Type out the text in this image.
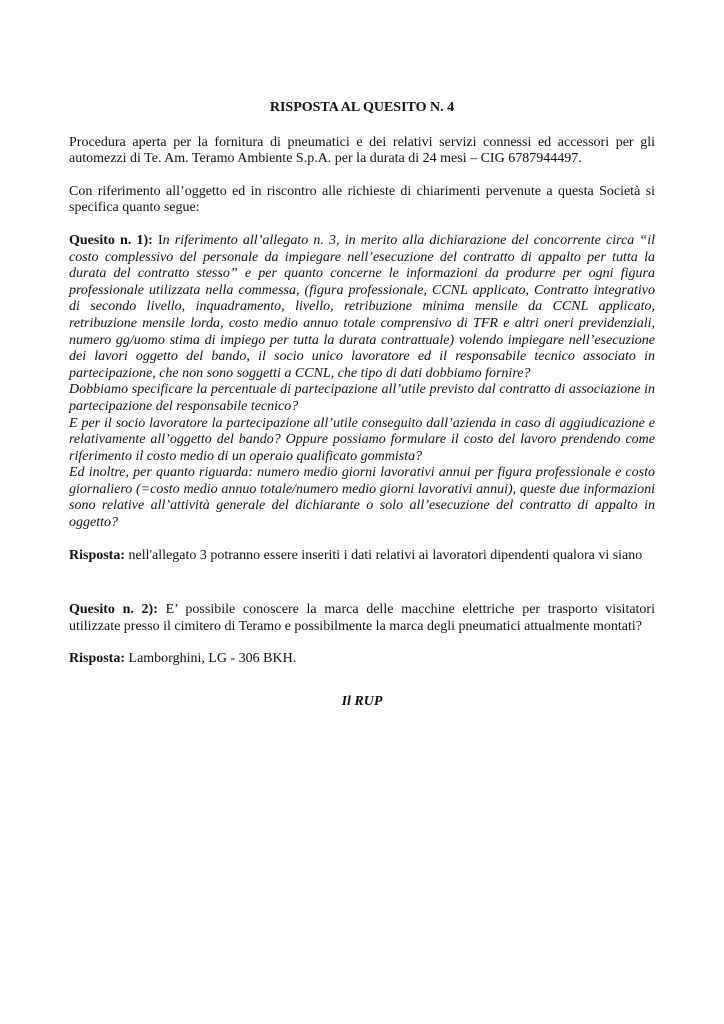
RISPOSTA AL QUESITO N. 4

Procedura aperta per la fornitura di pneumatici e dei relativi servizi connessi ed accessori per gli automezzi di Te. Am. Teramo Ambiente S.p.A. per la durata di 24 mesi – CIG 6787944497.

Con riferimento all’oggetto ed in riscontro alle richieste di chiarimenti pervenute a questa Società si specifica quanto segue:

Quesito n. 1): In riferimento all’allegato n. 3, in merito alla dichiarazione del concorrente circa “il costo complessivo del personale da impiegare nell’esecuzione del contratto di appalto per tutta la durata del contratto stesso” e per quanto concerne le informazioni da produrre per ogni figura professionale utilizzata nella commessa, (figura professionale, CCNL applicato, Contratto integrativo di secondo livello, inquadramento, livello, retribuzione minima mensile da CCNL applicato, retribuzione mensile lorda, costo medio annuo totale comprensivo di TFR e altri oneri previdenziali, numero gg/uomo stima di impiego per tutta la durata contrattuale) volendo impiegare nell’esecuzione dei lavori oggetto del bando, il socio unico lavoratore ed il responsabile tecnico associato in partecipazione, che non sono soggetti a CCNL, che tipo di dati dobbiamo fornire?

Dobbiamo specificare la percentuale di partecipazione all’utile previsto dal contratto di associazione in partecipazione del responsabile tecnico?

E per il socio lavoratore la partecipazione all’utile conseguito dall’azienda in caso di aggiudicazione e relativamente all’oggetto del bando? Oppure possiamo formulare il costo del lavoro prendendo come riferimento il costo medio di un operaio qualificato gommista?

Ed inoltre, per quanto riguarda: numero medio giorni lavorativi annui per figura professionale e costo giornaliero (=costo medio annuo totale/numero medio giorni lavorativi annui), queste due informazioni sono relative all’attività generale del dichiarante o solo all’esecuzione del contratto di appalto in oggetto?

Risposta: nell'allegato 3 potranno essere inseriti i dati relativi ai lavoratori dipendenti qualora vi siano

Quesito n. 2): E’ possibile conoscere la marca delle macchine elettriche per trasporto visitatori utilizzate presso il cimitero di Teramo e possibilmente la marca degli pneumatici attualmente montati?

Risposta: Lamborghini, LG - 306 BKH.

Il RUP
